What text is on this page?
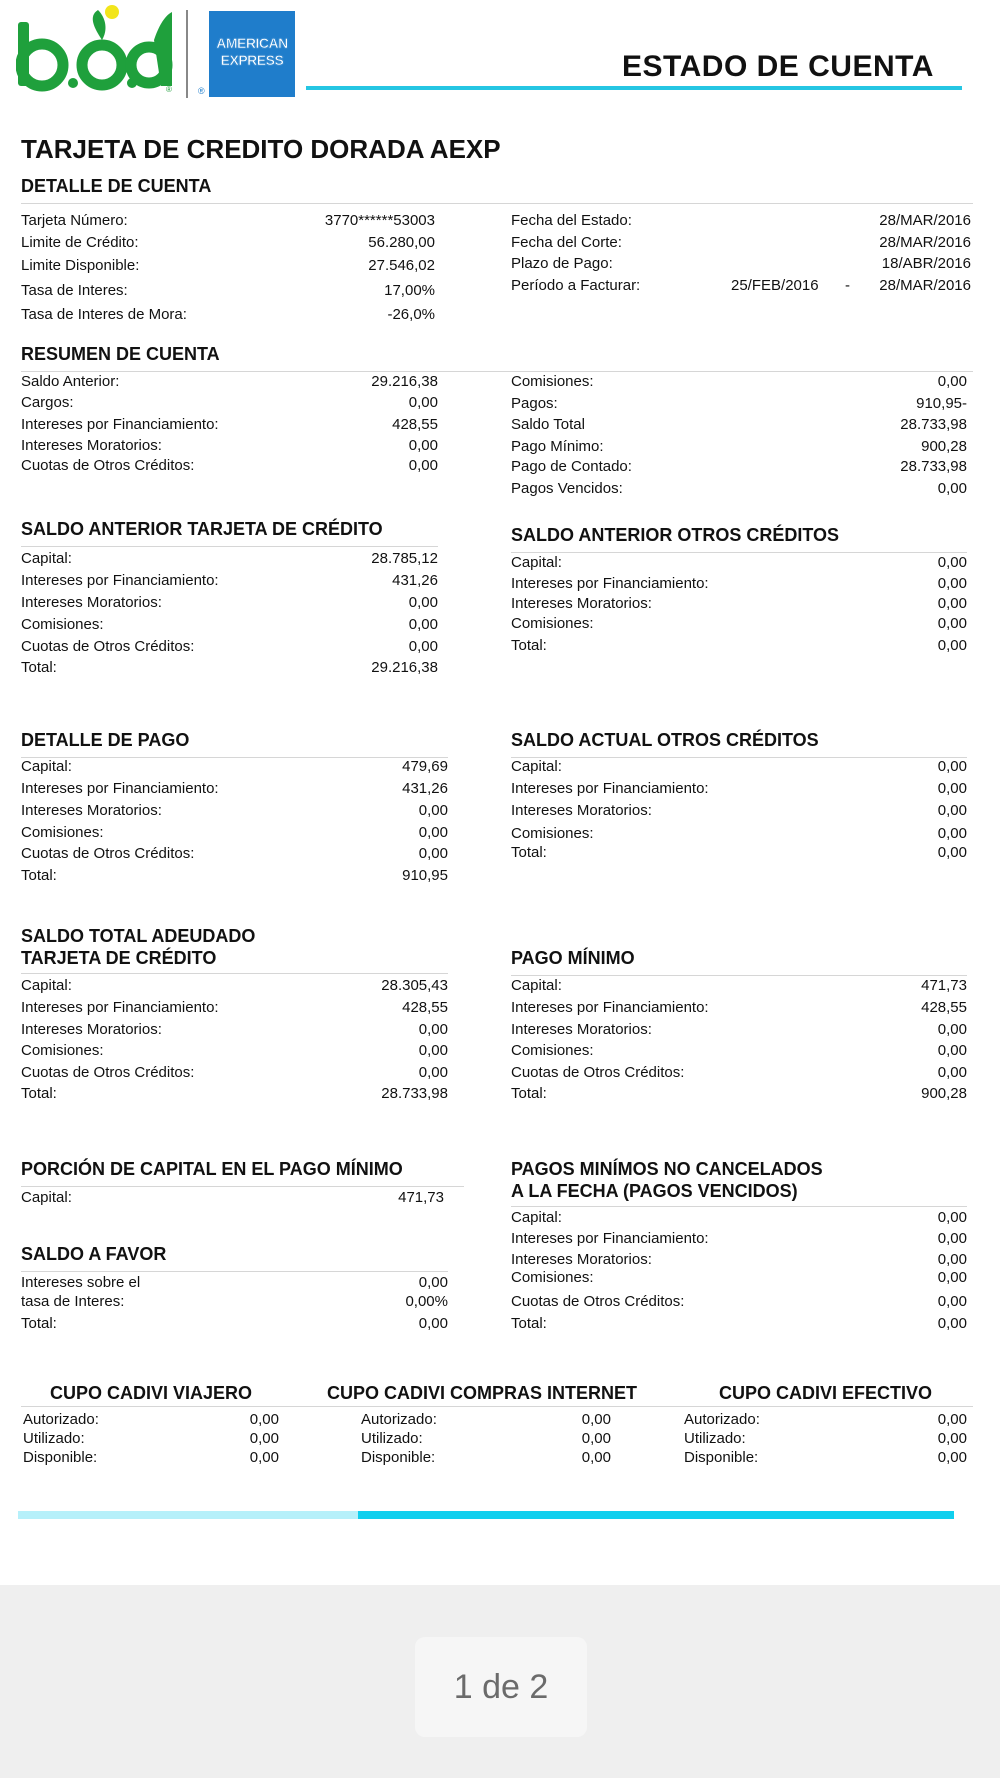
®
AMERICAN EXPRESS
®
ESTADO DE CUENTA
TARJETA DE CREDITO DORADA AEXP
DETALLE DE CUENTA
Tarjeta Número:	3770******53003
Limite de Crédito:	56.280,00
Limite Disponible:	27.546,02
Tasa de Interes:	17,00%
Tasa de Interes de Mora:	-26,0%
Fecha del Estado:	28/MAR/2016
Fecha del Corte:	28/MAR/2016
Plazo de Pago:	18/ABR/2016
Período a Facturar:	25/FEB/2016 - 28/MAR/2016
RESUMEN DE CUENTA
Saldo Anterior:	29.216,38
Cargos:	0,00
Intereses por Financiamiento:	428,55
Intereses Moratorios:	0,00
Cuotas de Otros Créditos:	0,00
Comisiones:	0,00
Pagos:	910,95-
Saldo Total	28.733,98
Pago Mínimo:	900,28
Pago de Contado:	28.733,98
Pagos Vencidos:	0,00
SALDO ANTERIOR TARJETA DE CRÉDITO
Capital:	28.785,12
Intereses por Financiamiento:	431,26
Intereses Moratorios:	0,00
Comisiones:	0,00
Cuotas de Otros Créditos:	0,00
Total:	29.216,38
SALDO ANTERIOR OTROS CRÉDITOS
Capital:	0,00
Intereses por Financiamiento:	0,00
Intereses Moratorios:	0,00
Comisiones:	0,00
Total:	0,00
DETALLE DE PAGO
Capital:	479,69
Intereses por Financiamiento:	431,26
Intereses Moratorios:	0,00
Comisiones:	0,00
Cuotas de Otros Créditos:	0,00
Total:	910,95
SALDO ACTUAL OTROS CRÉDITOS
Capital:	0,00
Intereses por Financiamiento:	0,00
Intereses Moratorios:	0,00
Comisiones:	0,00
Total:	0,00
SALDO TOTAL ADEUDADO
TARJETA DE CRÉDITO
Capital:	28.305,43
Intereses por Financiamiento:	428,55
Intereses Moratorios:	0,00
Comisiones:	0,00
Cuotas de Otros Créditos:	0,00
Total:	28.733,98
PAGO MÍNIMO
Capital:	471,73
Intereses por Financiamiento:	428,55
Intereses Moratorios:	0,00
Comisiones:	0,00
Cuotas de Otros Créditos:	0,00
Total:	900,28
PORCIÓN DE CAPITAL EN EL PAGO MÍNIMO
Capital:	471,73
SALDO A FAVOR
Intereses sobre el	0,00
tasa de Interes:	0,00%
Total:	0,00
PAGOS MINÍMOS NO CANCELADOS
A LA FECHA (PAGOS VENCIDOS)
Capital:	0,00
Intereses por Financiamiento:	0,00
Intereses Moratorios:	0,00
Comisiones:	0,00
Cuotas de Otros Créditos:	0,00
Total:	0,00
CUPO CADIVI VIAJERO
Autorizado:	0,00
Utilizado:	0,00
Disponible:	0,00
CUPO CADIVI COMPRAS INTERNET
Autorizado:	0,00
Utilizado:	0,00
Disponible:	0,00
CUPO CADIVI EFECTIVO
Autorizado:	0,00
Utilizado:	0,00
Disponible:	0,00
1 de 2
